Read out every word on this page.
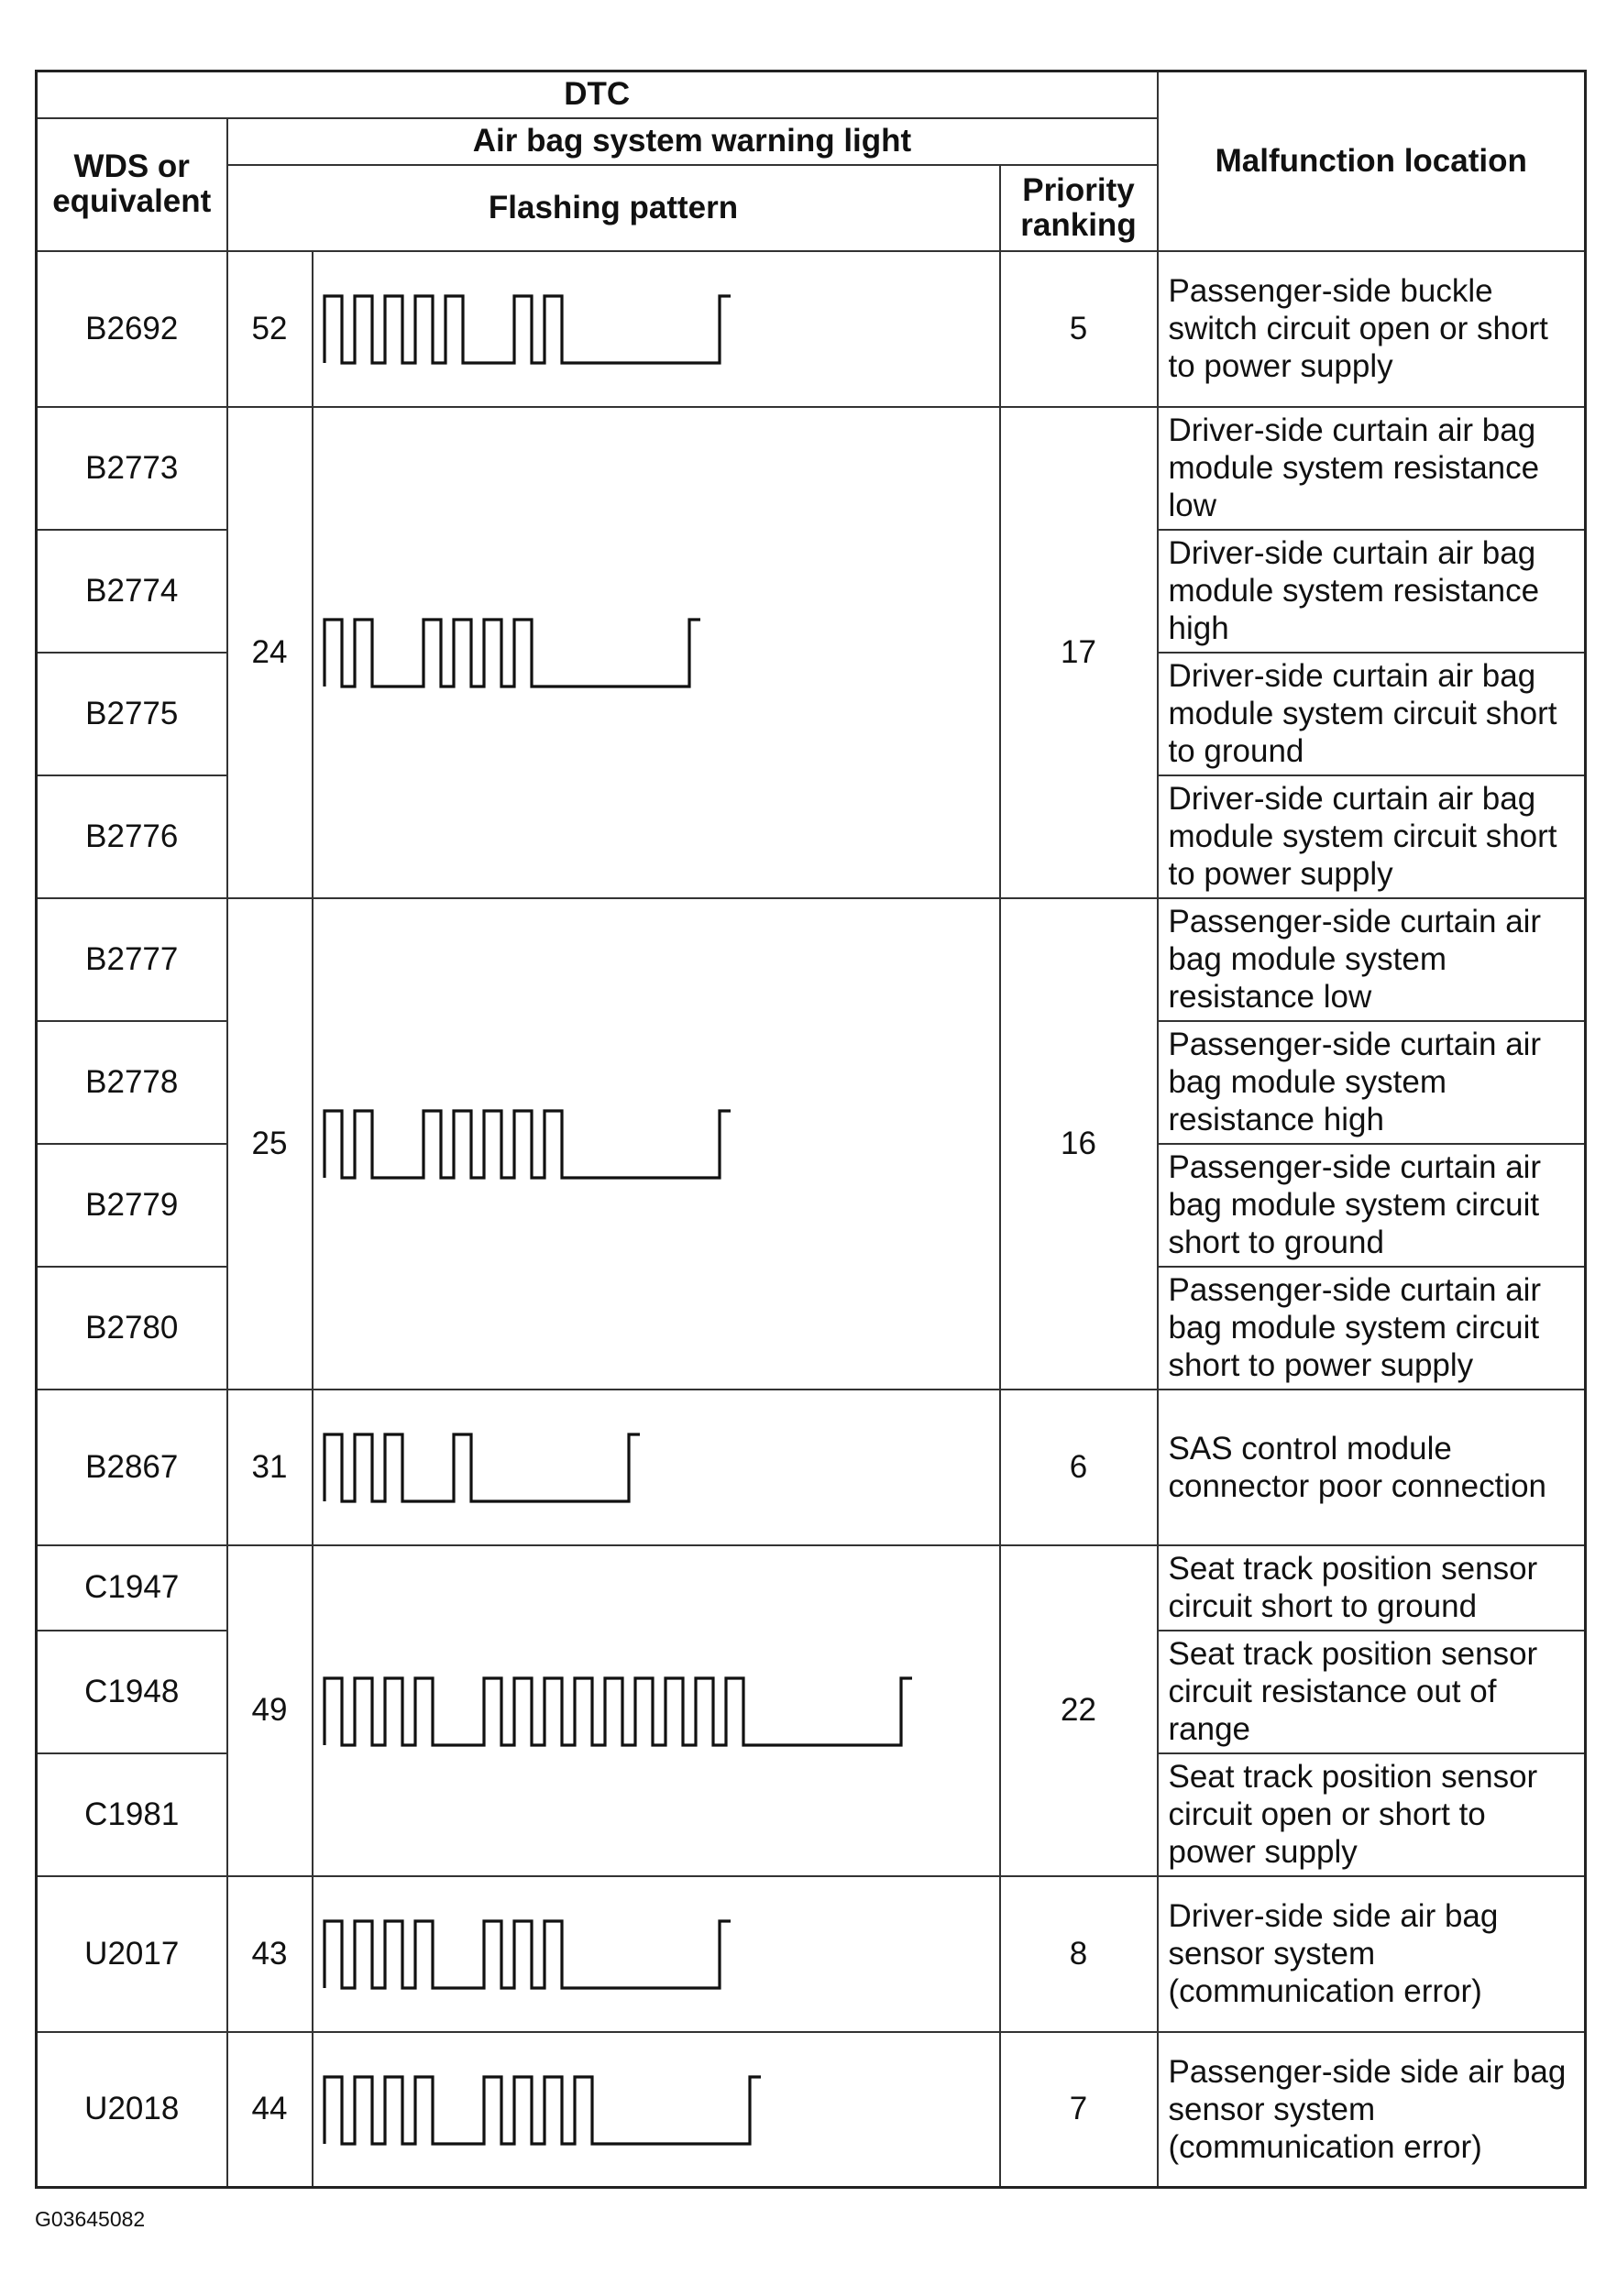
DTC				Malfunction location
WDS or equivalent	Air bag system warning light			
	Flashing pattern		Priority ranking	
B2692	52		5	Passenger-side buckle switch circuit open or short to power supply
B2773	24		17	Driver-side curtain air bag module system resistance low
B2774				Driver-side curtain air bag module system resistance high
B2775				Driver-side curtain air bag module system circuit short to ground
B2776				Driver-side curtain air bag module system circuit short to power supply
B2777	25		16	Passenger-side curtain air bag module system resistance low
B2778				Passenger-side curtain air bag module system resistance high
B2779				Passenger-side curtain air bag module system circuit short to ground
B2780				Passenger-side curtain air bag module system circuit short to power supply
B2867	31		6	SAS control module connector poor connection
C1947	49		22	Seat track position sensor circuit short to ground
C1948				Seat track position sensor circuit resistance out of range
C1981				Seat track position sensor circuit open or short to power supply
U2017	43		8	Driver-side side air bag sensor system (communication error)
U2018	44		7	Passenger-side side air bag sensor system (communication error)
G03645082
